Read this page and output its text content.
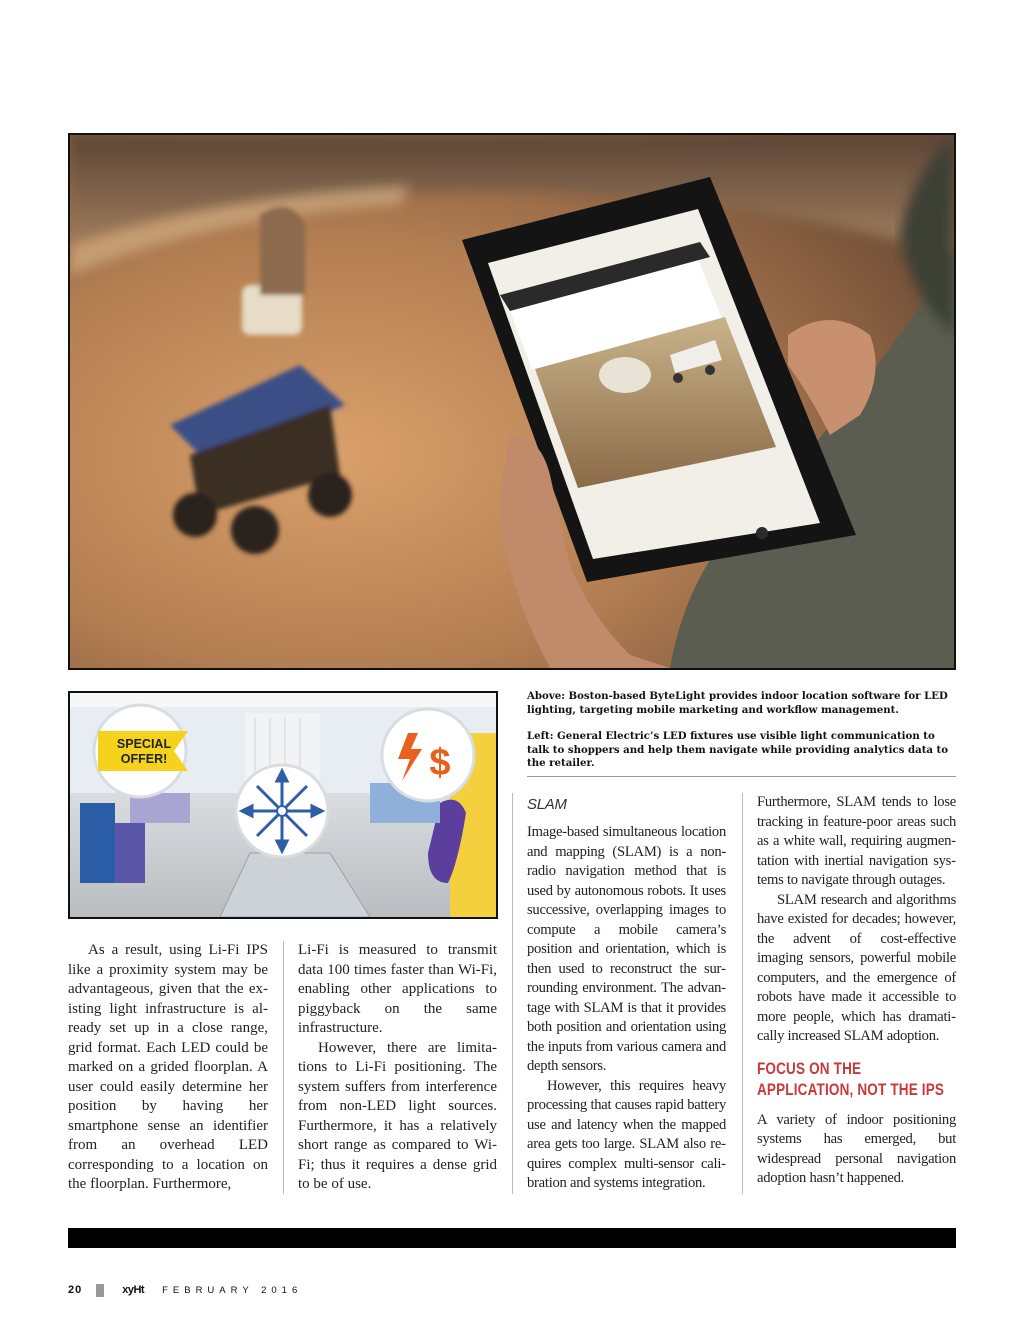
SPECIAL
OFFER!	$

Above: Boston-based ByteLight provides indoor location software for LED lighting, targeting mobile marketing and workflow management.

Left: General Electric’s LED fixtures use visible light communication to talk to shoppers and help them navigate while providing analytics data to the retailer.

As a result, using Li-Fi IPS like a proximity system may be advantageous, given that the existing light infrastructure is already set up in a close range, grid format. Each LED could be marked on a grided floorplan. A user could easily determine her position by having her smartphone sense an identifier from an overhead LED corresponding to a location on the floorplan. Furthermore,

Li-Fi is measured to transmit data 100 times faster than Wi-Fi, enabling other applications to piggyback on the same infrastructure.

However, there are limitations to Li-Fi positioning. The system suffers from interference from non-LED light sources. Furthermore, it has a relatively short range as compared to Wi-Fi; thus it requires a dense grid to be of use.

SLAM

Image-based simultaneous location and mapping (SLAM) is a non-radio navigation method that is used by autonomous robots. It uses successive, overlapping images to compute a mobile camera’s position and orientation, which is then used to reconstruct the surrounding environment. The advantage with SLAM is that it provides both position and orientation using the inputs from various camera and depth sensors.

However, this requires heavy processing that causes rapid battery use and latency when the mapped area gets too large. SLAM also requires complex multi-sensor calibration and systems integration.

Furthermore, SLAM tends to lose tracking in feature-poor areas such as a white wall, requiring augmentation with inertial navigation systems to navigate through outages.

SLAM research and algorithms have existed for decades; however, the advent of cost-effective imaging sensors, powerful mobile computers, and the emergence of robots have made it accessible to more people, which has dramatically increased SLAM adoption.

FOCUS ON THE APPLICATION, NOT THE IPS

A variety of indoor positioning systems has emerged, but widespread personal navigation adoption hasn’t happened.

20	xyHt FEBRUARY 2016
